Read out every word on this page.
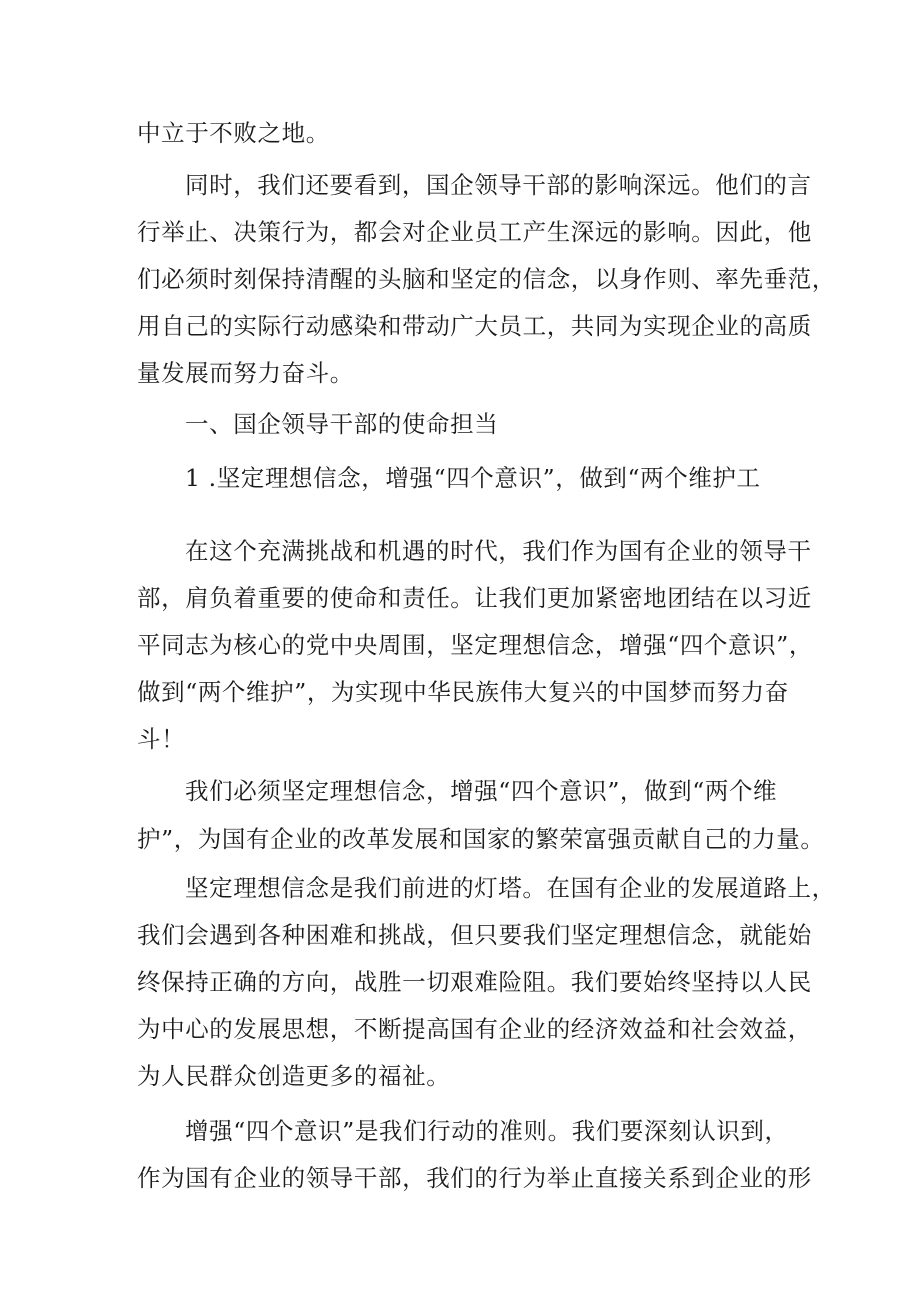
中立于不败之地。
同时，我们还要看到，国企领导干部的影响深远。他们的言
行举止、决策行为，都会对企业员工产生深远的影响。因此，他
们必须时刻保持清醒的头脑和坚定的信念，以身作则、率先垂范，
用自己的实际行动感染和带动广大员工，共同为实现企业的高质
量发展而努力奋斗。
一、国企领导干部的使命担当
1 .坚定理想信念，增强“四个意识”，做到“两个维护工
在这个充满挑战和机遇的时代，我们作为国有企业的领导干
部，肩负着重要的使命和责任。让我们更加紧密地团结在以习近
平同志为核心的党中央周围，坚定理想信念，增强“四个意识”，
做到“两个维护”，为实现中华民族伟大复兴的中国梦而努力奋
斗！
我们必须坚定理想信念，增强“四个意识”，做到“两个维
护”，为国有企业的改革发展和国家的繁荣富强贡献自己的力量。
坚定理想信念是我们前进的灯塔。在国有企业的发展道路上，
我们会遇到各种困难和挑战，但只要我们坚定理想信念，就能始
终保持正确的方向，战胜一切艰难险阻。我们要始终坚持以人民
为中心的发展思想，不断提高国有企业的经济效益和社会效益，
为人民群众创造更多的福祉。
增强“四个意识”是我们行动的准则。我们要深刻认识到，
作为国有企业的领导干部，我们的行为举止直接关系到企业的形
